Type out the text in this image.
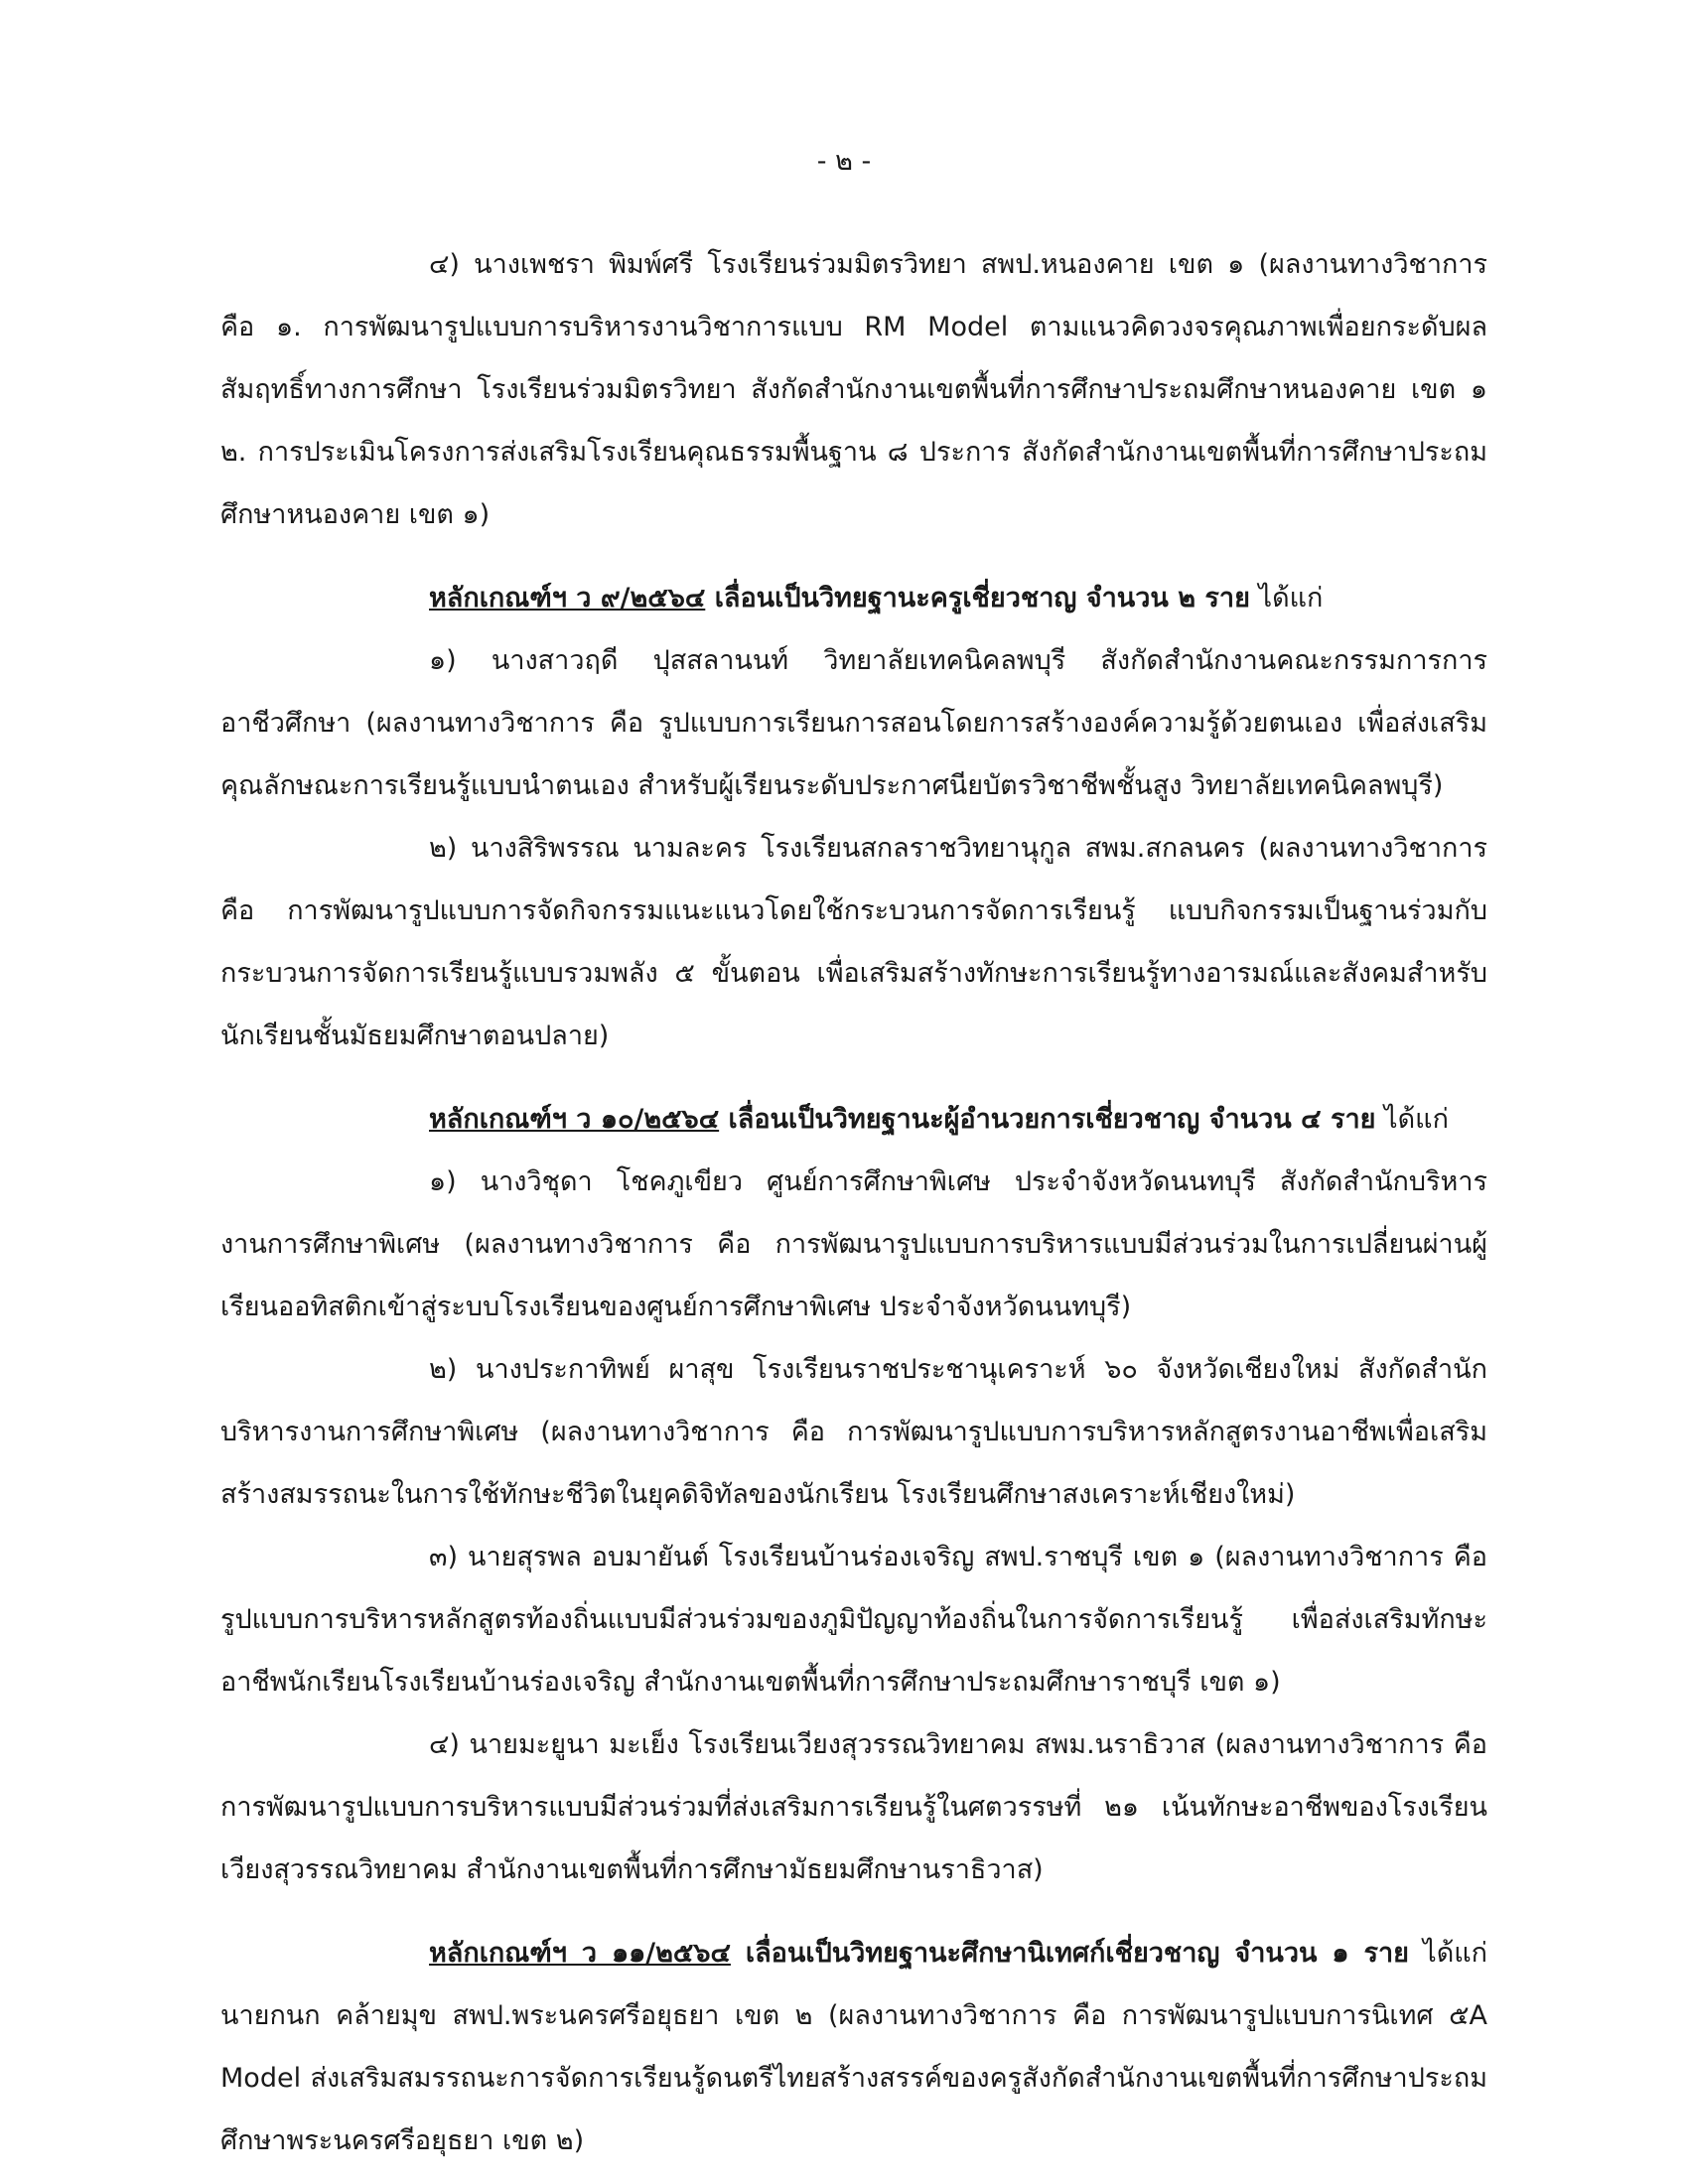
- ๒ -

๔) นางเพชรา พิมพ์ศรี โรงเรียนร่วมมิตรวิทยา สพป.หนองคาย เขต ๑ (ผลงานทางวิชาการ คือ ๑. การพัฒนารูปแบบการบริหารงานวิชาการแบบ RM Model ตามแนวคิดวงจรคุณภาพเพื่อยกระดับผลสัมฤทธิ์ทางการศึกษา โรงเรียนร่วมมิตรวิทยา สังกัดสำนักงานเขตพื้นที่การศึกษาประถมศึกษาหนองคาย เขต ๑ ๒. การประเมินโครงการส่งเสริมโรงเรียนคุณธรรมพื้นฐาน ๘ ประการ สังกัดสำนักงานเขตพื้นที่การศึกษาประถมศึกษาหนองคาย เขต ๑)

หลักเกณฑ์ฯ ว ๙/๒๕๖๔ เลื่อนเป็นวิทยฐานะครูเชี่ยวชาญ จำนวน ๒ ราย ได้แก่

๑) นางสาวฤดี ปุสสลานนท์ วิทยาลัยเทคนิคลพบุรี สังกัดสำนักงานคณะกรรมการการอาชีวศึกษา (ผลงานทางวิชาการ คือ รูปแบบการเรียนการสอนโดยการสร้างองค์ความรู้ด้วยตนเอง เพื่อส่งเสริมคุณลักษณะการเรียนรู้แบบนำตนเอง สำหรับผู้เรียนระดับประกาศนียบัตรวิชาชีพชั้นสูง วิทยาลัยเทคนิคลพบุรี)

๒) นางสิริพรรณ นามละคร โรงเรียนสกลราชวิทยานุกูล สพม.สกลนคร (ผลงานทางวิชาการ คือ การพัฒนารูปแบบการจัดกิจกรรมแนะแนวโดยใช้กระบวนการจัดการเรียนรู้ แบบกิจกรรมเป็นฐานร่วมกับกระบวนการจัดการเรียนรู้แบบรวมพลัง ๕ ขั้นตอน เพื่อเสริมสร้างทักษะการเรียนรู้ทางอารมณ์และสังคมสำหรับนักเรียนชั้นมัธยมศึกษาตอนปลาย)

หลักเกณฑ์ฯ ว ๑๐/๒๕๖๔ เลื่อนเป็นวิทยฐานะผู้อำนวยการเชี่ยวชาญ จำนวน ๔ ราย ได้แก่

๑) นางวิชุดา โชคภูเขียว ศูนย์การศึกษาพิเศษ ประจำจังหวัดนนทบุรี สังกัดสำนักบริหารงานการศึกษาพิเศษ (ผลงานทางวิชาการ คือ การพัฒนารูปแบบการบริหารแบบมีส่วนร่วมในการเปลี่ยนผ่านผู้เรียนออทิสติกเข้าสู่ระบบโรงเรียนของศูนย์การศึกษาพิเศษ ประจำจังหวัดนนทบุรี)

๒) นางประกาทิพย์ ผาสุข โรงเรียนราชประชานุเคราะห์ ๖๐ จังหวัดเชียงใหม่ สังกัดสำนักบริหารงานการศึกษาพิเศษ (ผลงานทางวิชาการ คือ การพัฒนารูปแบบการบริหารหลักสูตรงานอาชีพเพื่อเสริมสร้างสมรรถนะในการใช้ทักษะชีวิตในยุคดิจิทัลของนักเรียน โรงเรียนศึกษาสงเคราะห์เชียงใหม่)

๓) นายสุรพล อบมายันต์ โรงเรียนบ้านร่องเจริญ สพป.ราชบุรี เขต ๑ (ผลงานทางวิชาการ คือ รูปแบบการบริหารหลักสูตรท้องถิ่นแบบมีส่วนร่วมของภูมิปัญญาท้องถิ่นในการจัดการเรียนรู้ เพื่อส่งเสริมทักษะอาชีพนักเรียนโรงเรียนบ้านร่องเจริญ สำนักงานเขตพื้นที่การศึกษาประถมศึกษาราชบุรี เขต ๑)

๔) นายมะยูนา มะเย็ง โรงเรียนเวียงสุวรรณวิทยาคม สพม.นราธิวาส (ผลงานทางวิชาการ คือ การพัฒนารูปแบบการบริหารแบบมีส่วนร่วมที่ส่งเสริมการเรียนรู้ในศตวรรษที่ ๒๑ เน้นทักษะอาชีพของโรงเรียนเวียงสุวรรณวิทยาคม สำนักงานเขตพื้นที่การศึกษามัธยมศึกษานราธิวาส)

หลักเกณฑ์ฯ ว ๑๑/๒๕๖๔ เลื่อนเป็นวิทยฐานะศึกษานิเทศก์เชี่ยวชาญ จำนวน ๑ ราย ได้แก่ นายกนก คล้ายมุข สพป.พระนครศรีอยุธยา เขต ๒ (ผลงานทางวิชาการ คือ การพัฒนารูปแบบการนิเทศ ๕A Model ส่งเสริมสมรรถนะการจัดการเรียนรู้ดนตรีไทยสร้างสรรค์ของครูสังกัดสำนักงานเขตพื้นที่การศึกษาประถมศึกษาพระนครศรีอยุธยา เขต ๒)
